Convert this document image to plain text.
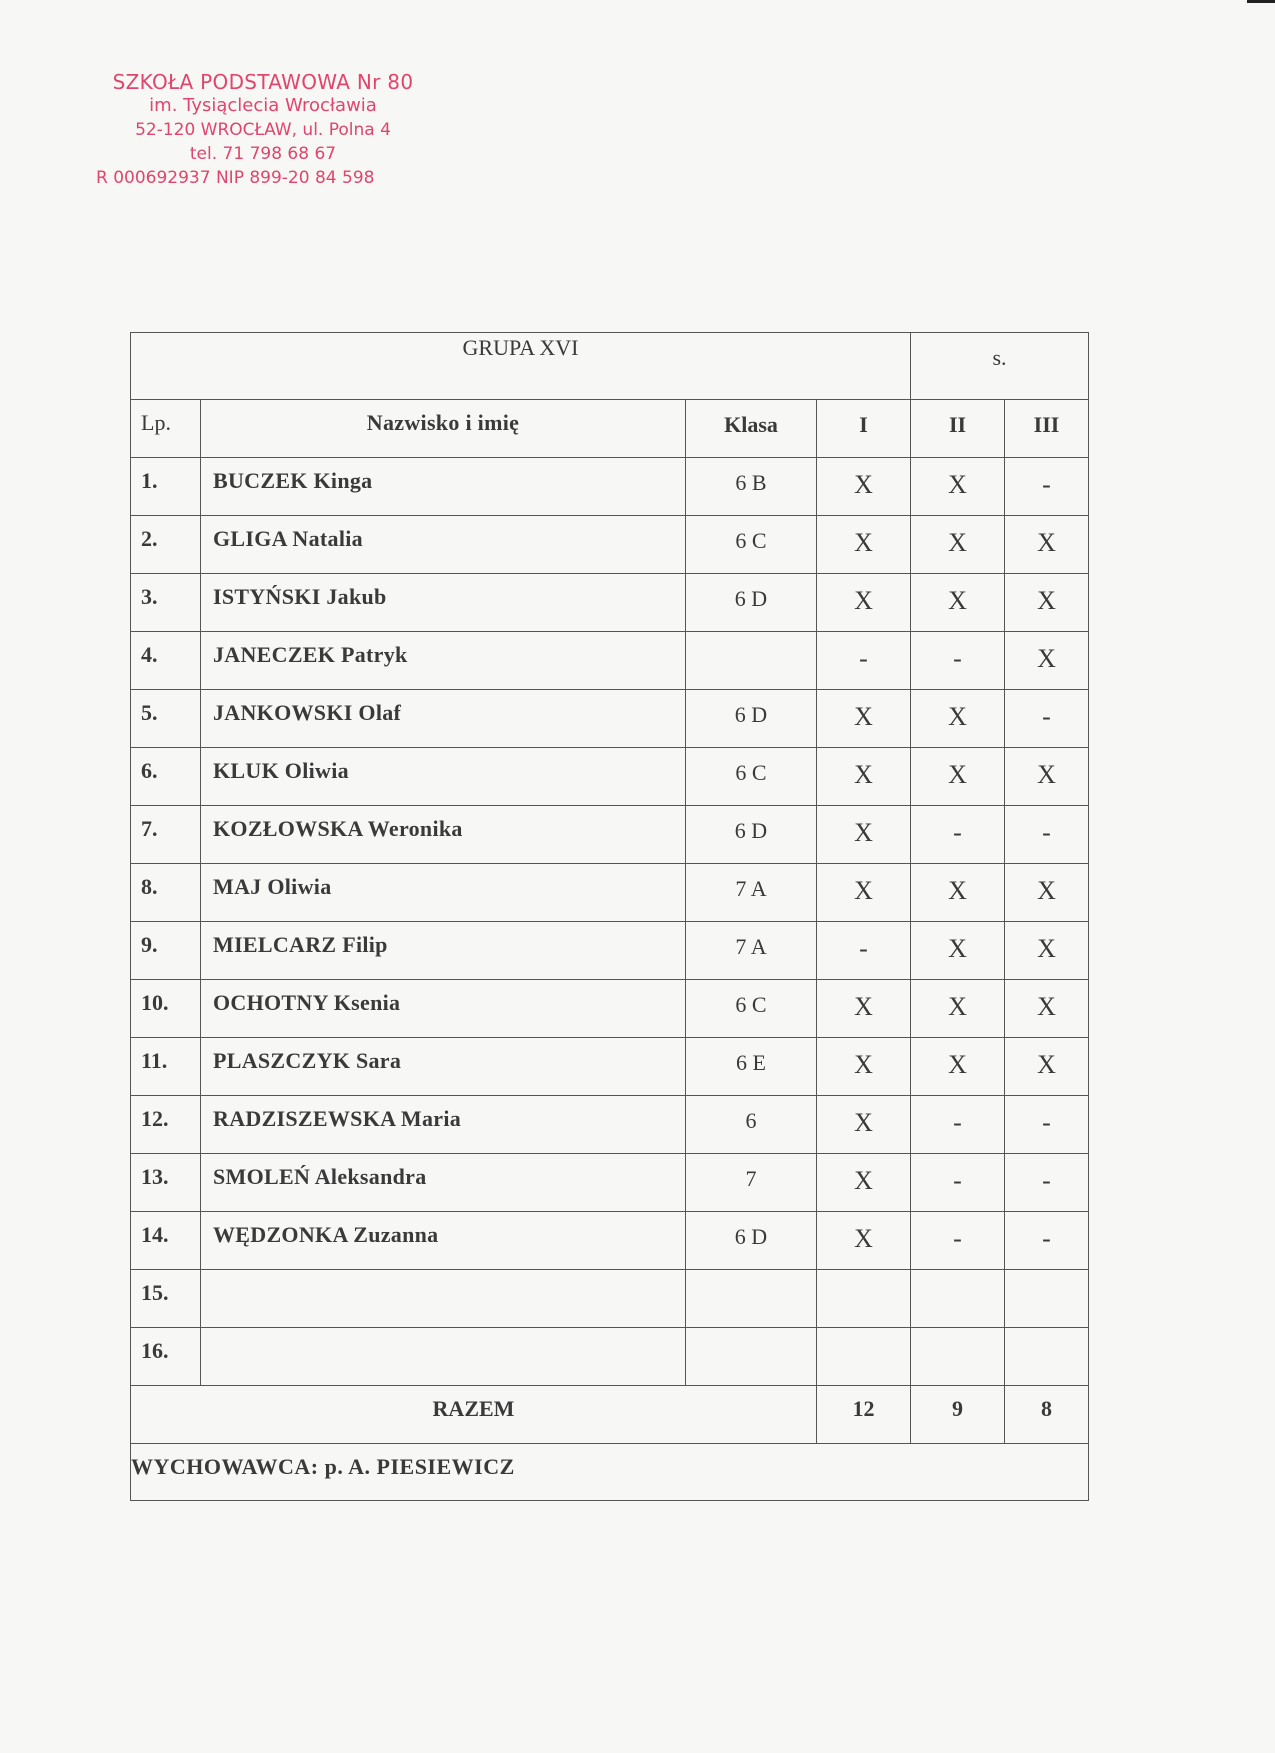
SZKOŁA PODSTAWOWA Nr 80
im. Tysiąclecia Wrocławia
52-120 WROCŁAW, ul. Polna 4
tel. 71 798 68 67
R 000692937 NIP 899-20 84 598
GRUPA XVI				s.	
Lp.	Nazwisko i imię	Klasa	I	II	III
1.	BUCZEK Kinga	6 B	X	X	-
2.	GLIGA Natalia	6 C	X	X	X
3.	ISTYŃSKI Jakub	6 D	X	X	X
4.	JANECZEK Patryk		-	-	X
5.	JANKOWSKI Olaf	6 D	X	X	-
6.	KLUK Oliwia	6 C	X	X	X
7.	KOZŁOWSKA Weronika	6 D	X	-	-
8.	MAJ Oliwia	7 A	X	X	X
9.	MIELCARZ Filip	7 A	-	X	X
10.	OCHOTNY Ksenia	6 C	X	X	X
11.	PLASZCZYK Sara	6 E	X	X	X
12.	RADZISZEWSKA Maria	6	X	-	-
13.	SMOLEŃ Aleksandra	7	X	-	-
14.	WĘDZONKA Zuzanna	6 D	X	-	-
15.					
16.					
RAZEM			12	9	8
WYCHOWAWCA: p. A. PIESIEWICZ					
